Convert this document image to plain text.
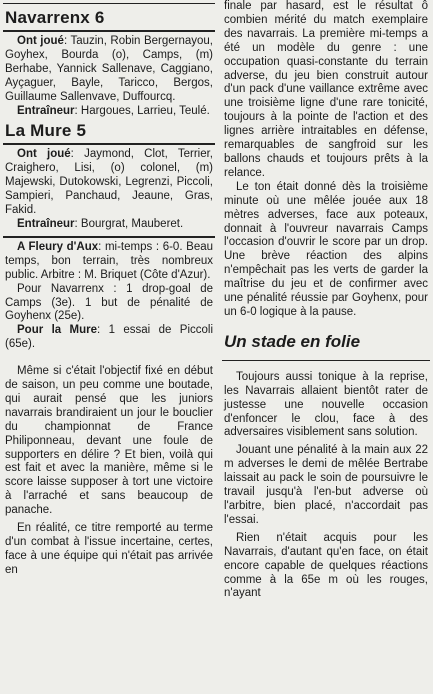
Navarrenx 6

Ont joué: Tauzin, Robin Bergernayou, Goyhex, Bourda (o), Camps, (m) Berhabe, Yannick Sallenave, Caggiano, Ayçaguer, Bayle, Taricco, Bergos, Guillaume Sallenvave, Duffourcq.

Entraîneur: Hargoues, Larrieu, Teulé.

La Mure 5

Ont joué: Jaymond, Clot, Terrier, Craighero, Lisi, (o) colonel, (m) Majewski, Dutokowski, Legrenzi, Piccoli, Sampieri, Panchaud, Jeaune, Gras, Fakid.

Entraîneur: Bourgrat, Mauberet.

A Fleury d'Aux: mi-temps : 6-0. Beau temps, bon terrain, très nombreux public. Arbitre : M. Briquet (Côte d'Azur).

Pour Navarrenx : 1 drop-goal de Camps (3e). 1 but de pénalité de Goyhenx (25e).

Pour la Mure: 1 essai de Piccoli (65e).

Même si c'était l'objectif fixé en début de saison, un peu comme une boutade, qui aurait pensé que les juniors navarrais brandiraient un jour le bouclier du championnat de France Philiponneau, devant une foule de supporters en délire ? Et bien, voilà qui est fait et avec la manière, même si le score laisse supposer à tort une victoire à l'arraché et sans beaucoup de panache.

En réalité, ce titre remporté au terme d'un combat à l'issue incertaine, certes, face à une équipe qui n'était pas arrivée en

finale par hasard, est le résultat ô combien mérité du match exemplaire des navarrais. La première mi-temps a été un modèle du genre : une occupation quasi-constante du terrain adverse, du jeu bien construit autour d'un pack d'une vaillance extrême avec une troisième ligne d'une rare tonicité, toujours à la pointe de l'action et des lignes arrière intraitables en défense, remarquables de sangfroid sur les ballons chauds et toujours prêts à la relance.

Le ton était donné dès la troisième minute où une mêlée jouée aux 18 mètres adverses, face aux poteaux, donnait à l'ouvreur navarrais Camps l'occasion d'ouvrir le score par un drop. Une brève réaction des alpins n'empêchait pas les verts de garder la maîtrise du jeu et de confirmer avec une pénalité réussie par Goyhenx, pour un 6-0 logique à la pause.

Un stade en folie

Toujours aussi tonique à la reprise, les Navarrais allaient bientôt rater de justesse une nouvelle occasion d'enfoncer le clou, face à des adversaires visiblement sans solution.

Jouant une pénalité à la main aux 22 m adverses le demi de mêlée Bertrabe laissait au pack le soin de poursuivre le travail jusqu'à l'en-but adverse où l'arbitre, bien placé, n'accordait pas l'essai.

Rien n'était acquis pour les Navarrais, d'autant qu'en face, on était encore capable de quelques réactions comme à la 65e m où les rouges, n'ayant
